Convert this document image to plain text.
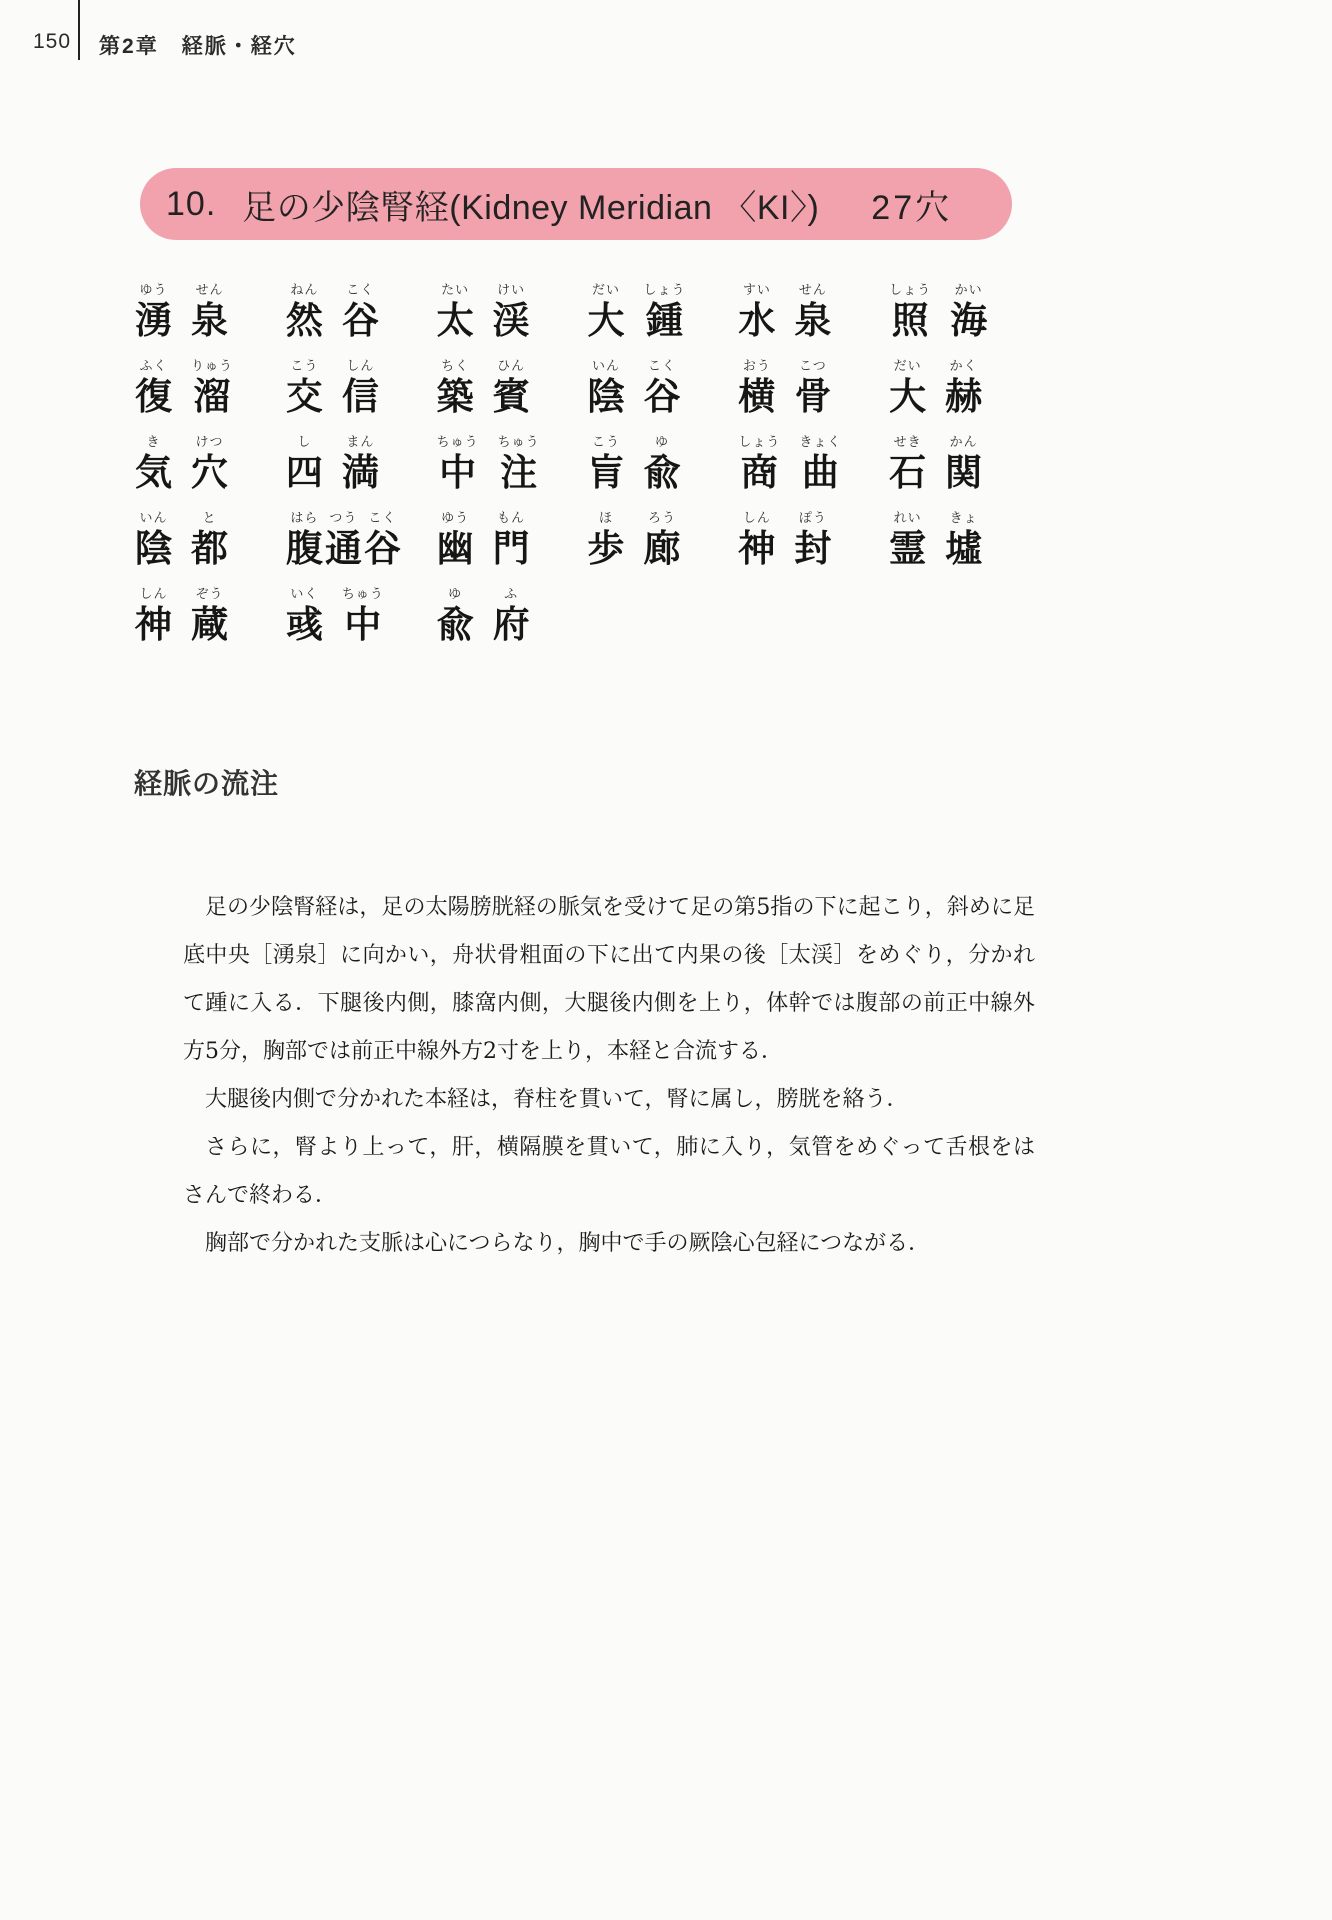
150 第2章　経脈・経穴
10. 足の少陰腎経(Kidney Meridian 〈KI〉) 27穴
ゆう
湧
せん
泉
ねん
然
こく
谷
たい
太
けい
渓
だい
大
しょう
鍾
すい
水
せん
泉
しょう
照
かい
海
ふく
復
りゅう
溜
こう
交
しん
信
ちく
築
ひん
賓
いん
陰
こく
谷
おう
横
こつ
骨
だい
大
かく
赫
き
気
けつ
穴
し
四
まん
満
ちゅう
中
ちゅう
注
こう
肓
ゆ
兪
しょう
商
きょく
曲
せき
石
かん
関
いん
陰
と
都
はら
腹
つう
通
こく
谷
ゆう
幽
もん
門
ほ
歩
ろう
廊
しん
神
ぽう
封
れい
霊
きょ
墟
しん
神
ぞう
蔵
いく
彧
ちゅう
中
ゆ
兪
ふ
府
経脈の流注

足の少陰腎経は，足の太陽膀胱経の脈気を受けて足の第5指の下に起こり，斜めに足底中央［湧泉］に向かい，舟状骨粗面の下に出て内果の後［太渓］をめぐり，分かれて踵に入る．下腿後内側，膝窩内側，大腿後内側を上り，体幹では腹部の前正中線外方5分，胸部では前正中線外方2寸を上り，本経と合流する．

大腿後内側で分かれた本経は，脊柱を貫いて，腎に属し，膀胱を絡う．

さらに，腎より上って，肝，横隔膜を貫いて，肺に入り，気管をめぐって舌根をはさんで終わる．

胸部で分かれた支脈は心につらなり，胸中で手の厥陰心包経につながる．
